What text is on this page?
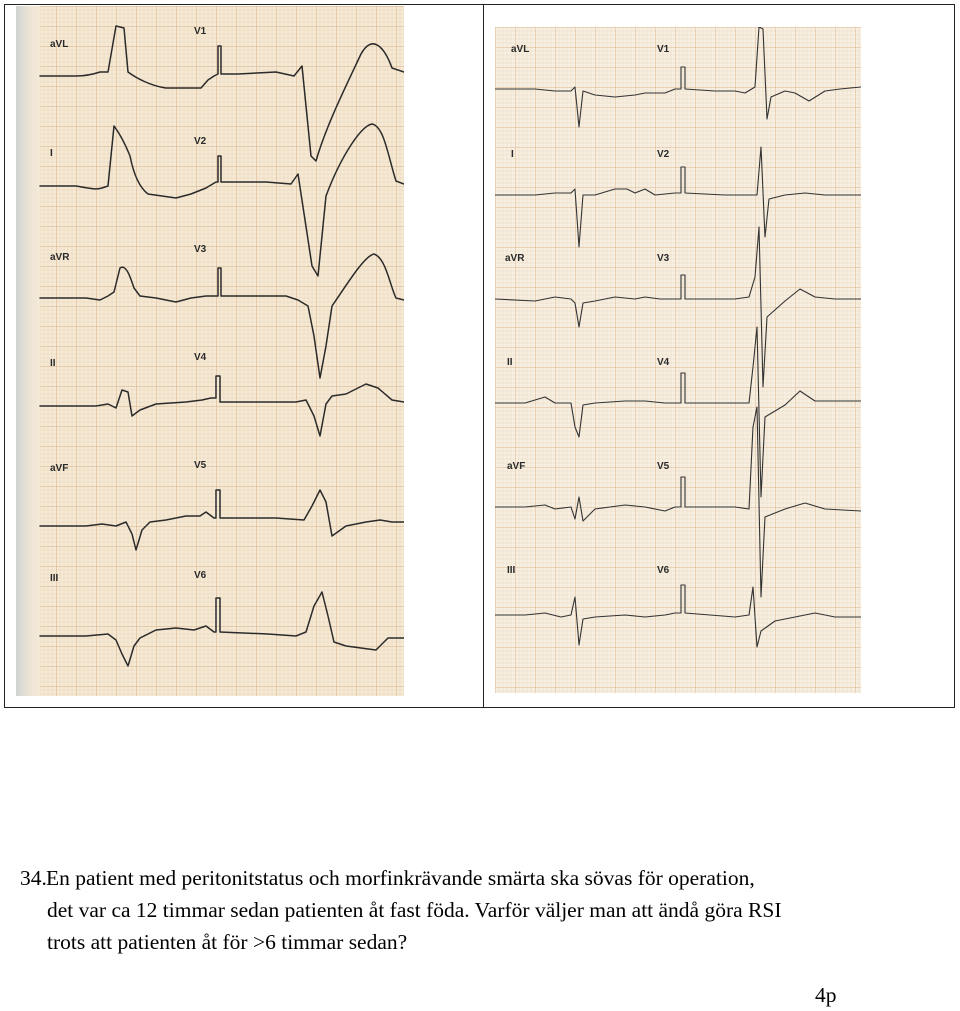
aVL
I
aVR
II
aVF
III
V1
V2
V3
V4
V5
V6
aVL
I
aVR
II
aVF
III
V1
V2
V3
V4
V5
V6
34.En patient med peritonitstatus och morfinkrävande smärta ska sövas för operation,
det var ca 12 timmar sedan patienten åt fast föda. Varför väljer man att ändå göra RSI
trots att patienten åt för >6 timmar sedan?
4p
